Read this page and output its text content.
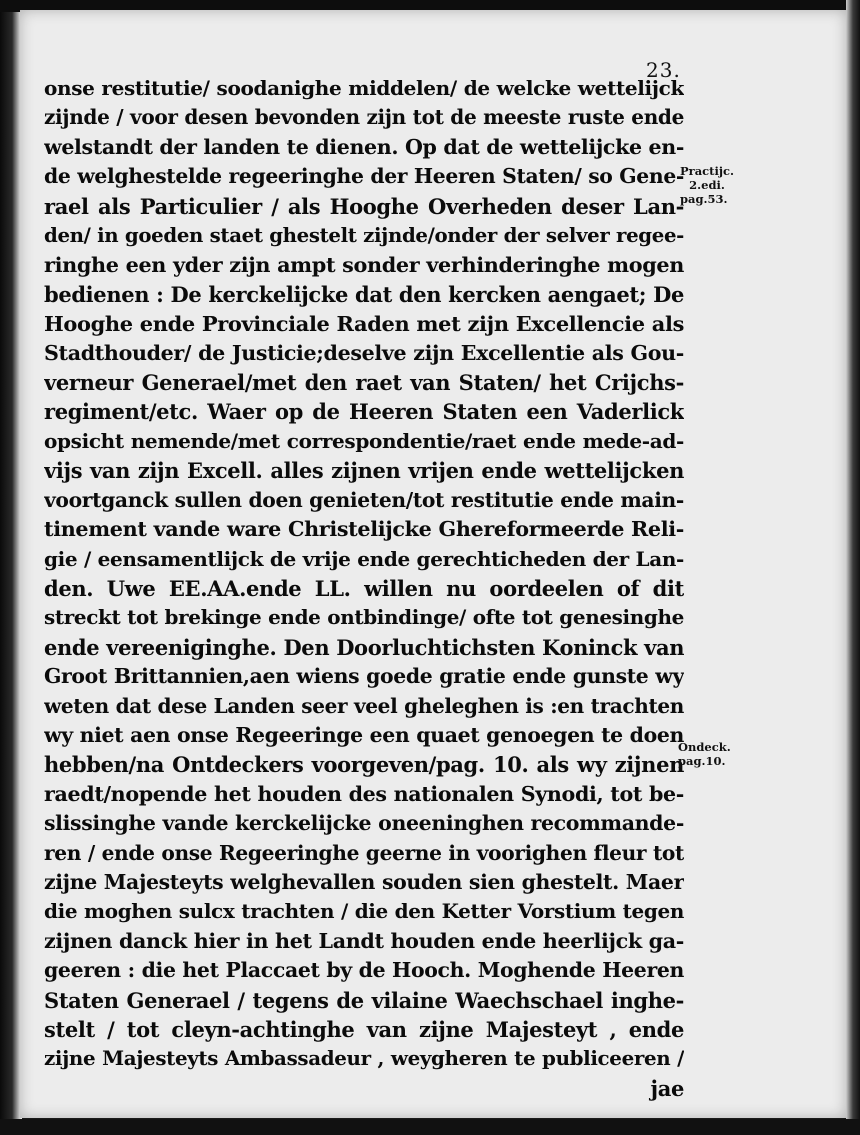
23.
onse restitutie/ soodanighe middelen/ de welcke wettelijck
zijnde / voor desen bevonden zijn tot de meeste ruste ende
welstandt der landen te dienen. Op dat de wettelijcke en-
de welghestelde regeeringhe der Heeren Staten/ so Gene-
rael als Particulier / als Hooghe Overheden deser Lan-
den/ in goeden staet ghestelt zijnde/onder der selver regee-
ringhe een yder zijn ampt sonder verhinderinghe mogen
bedienen : De kerckelijcke dat den kercken aengaet; De
Hooghe ende Provinciale Raden met zijn Excellencie als
Stadthouder/ de Justicie;deselve zijn Excellentie als Gou-
verneur Generael/met den raet van Staten/ het Crijchs-
regiment/etc. Waer op de Heeren Staten een Vaderlick
opsicht nemende/met correspondentie/raet ende mede-ad-
vijs van zijn Excell. alles zijnen vrijen ende wettelijcken
voortganck sullen doen genieten/tot restitutie ende main-
tinement vande ware Christelijcke Ghereformeerde Reli-
gie / eensamentlijck de vrije ende gerechticheden der Lan-
den. Uwe EE.AA.ende LL. willen nu oordeelen of dit
streckt tot brekinge ende ontbindinge/ ofte tot genesinghe
ende vereeniginghe. Den Doorluchtichsten Koninck van
Groot Brittannien,aen wiens goede gratie ende gunste wy
weten dat dese Landen seer veel gheleghen is :en trachten
wy niet aen onse Regeeringe een quaet genoegen te doen
hebben/na Ontdeckers voorgeven/pag. 10. als wy zijnen
raedt/nopende het houden des nationalen Synodi, tot be-
slissinghe vande kerckelijcke oneeninghen recommande-
ren / ende onse Regeeringhe geerne in voorighen fleur tot
zijne Majesteyts welghevallen souden sien ghestelt. Maer
die moghen sulcx trachten / die den Ketter Vorstium tegen
zijnen danck hier in het Landt houden ende heerlijck ga-
geeren : die het Placcaet by de Hooch. Moghende Heeren
Staten Generael / tegens de vilaine Waechschael inghe-
stelt / tot cleyn-achtinghe van zijne Majesteyt , ende
zijne Majesteyts Ambassadeur , weygheren te publiceeren /
jae
Practijc.
2.edi.
pag.53.
Ondeck.
pag.10.
